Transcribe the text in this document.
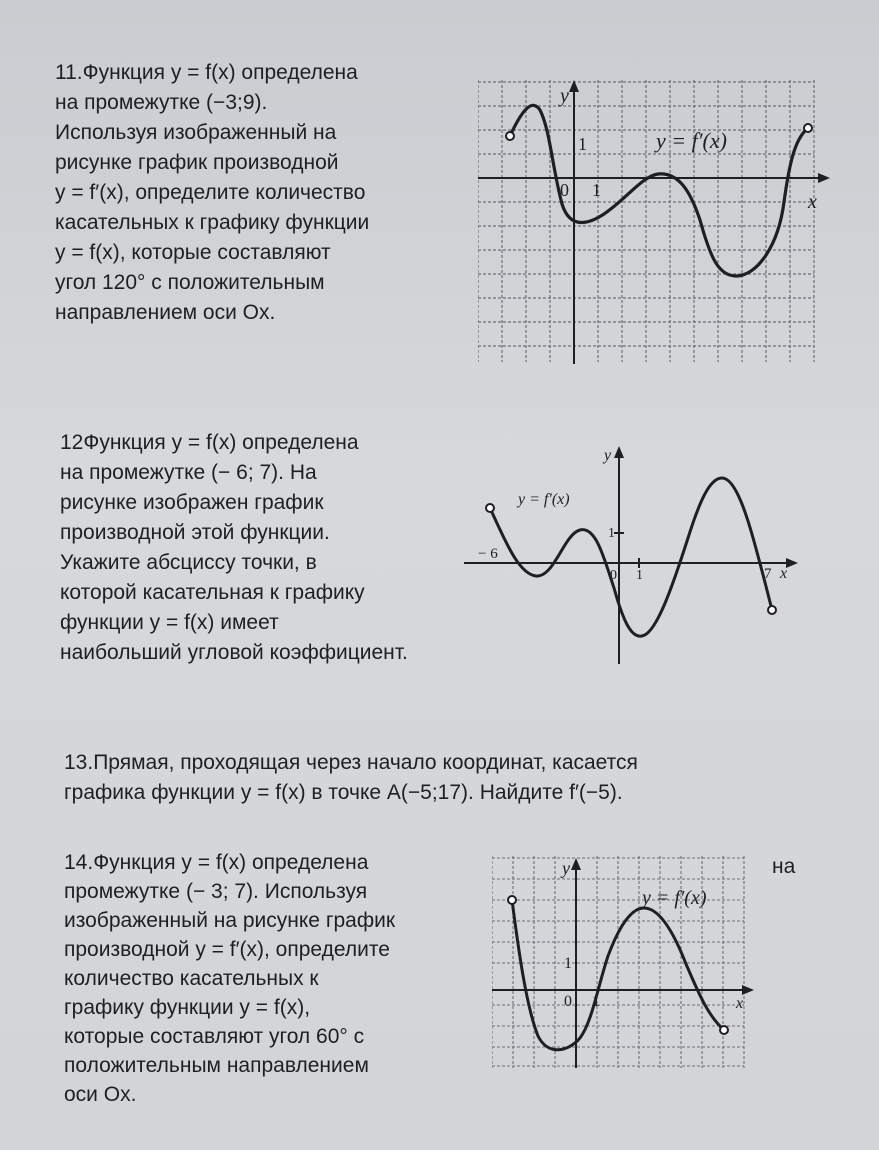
11.Функция y = f(x) определена
на промежутке (−3;9).
Используя изображенный на
рисунке график производной
y = f′(x), определите количество
касательных к графику функции
y = f(x), которые составляют
угол 120° с положительным
направлением оси Ox.
y = f′(x)
y
x
0 1
1
12Функция y = f(x) определена
на промежутке (− 6; 7). На
рисунке изображен график
производной этой функции.
Укажите абсциссу точки, в
которой касательная к графику
функции y = f(x) имеет
наибольший угловой коэффициент.
y = f′(x)
y
x
0 1
1
− 6
7
13.Прямая, проходящая через начало координат, касается
графика функции y = f(x) в точке A(−5;17). Найдите f′(−5).
14.Функция y = f(x) определена
промежутке (− 3; 7). Используя
изображенный на рисунке график
производной y = f′(x), определите
количество касательных к
графику функции y = f(x),
которые составляют угол 60° с
положительным направлением
оси Ox.
на
y = f′(x)
y
x
0 1
1
